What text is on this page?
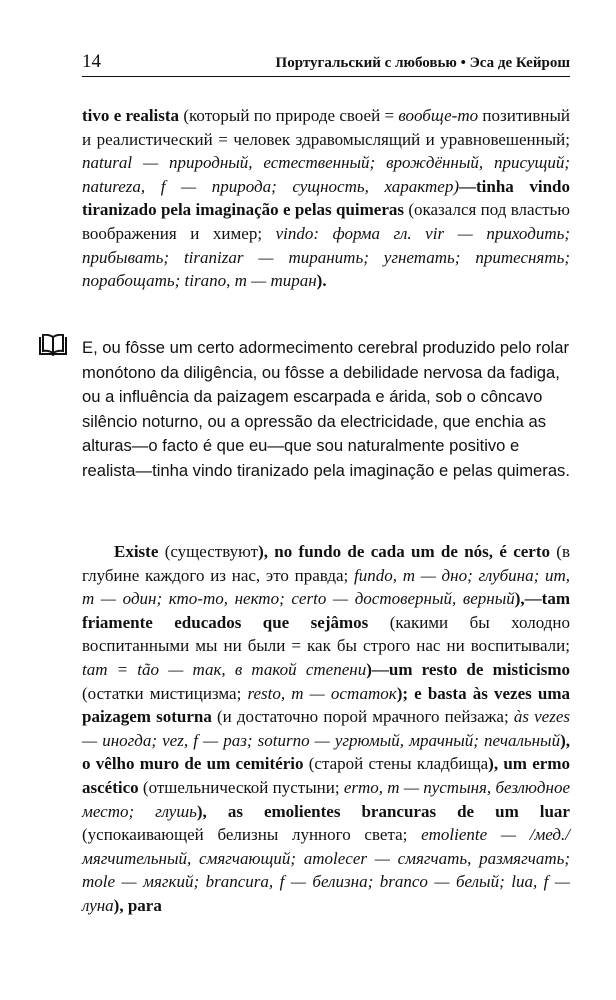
14	Португальский с любовью • Эса де Кейрош
tivo e realista (который по природе своей = вообще-то позитивный и реалистический = человек здравомыслящий и уравновешенный; natural — природный, естественный; врождённый, присущий; natureza, f — природа; сущность, характер)—tinha vindo tiranizado pela imaginação e pelas quimeras (оказался под властью воображения и химер; vindo: форма гл. vir — приходить; прибывать; tiranizar — тиранить; угнетать; притеснять; порабощать; tirano, m — тиран).
E, ou fôsse um certo adormecimento cerebral produzido pelo rolar monótono da diligência, ou fôsse a debilidade nervosa da fadiga, ou a influência da paizagem escarpada e árida, sob o côncavo silêncio noturno, ou a opressão da electricidade, que enchia as alturas—o facto é que eu—que sou naturalmente positivo e realista—tinha vindo tiranizado pela imaginação e pelas quimeras.
Existe (существуют), no fundo de cada um de nós, é certo (в глубине каждого из нас, это правда; fundo, m — дно; глубина; um, m — один; кто-то, некто; certo — достоверный, верный),—tam friamente educados que sejâmos (какими бы холодно воспитанными мы ни были = как бы строго нас ни воспитывали; tam = tão — так, в такой степени)—um resto de misticismo (остатки мистицизма; resto, m — остаток); e basta às vezes uma paizagem soturna (и достаточно порой мрачного пейзажа; às vezes — иногда; vez, f — раз; soturno — угрюмый, мрачный; печальный), o vêlho muro de um cemitério (старой стены кладбища), um ermo ascético (отшельнической пустыни; ermo, m — пустыня, безлюдное место; глушь), as emolientes brancuras de um luar (успокаивающей белизны лунного света; emoliente — /мед./ мягчительный, смягчающий; amolecer — смягчать, размягчать; mole — мягкий; brancura, f — белизна; branco — белый; lua, f — луна), para
